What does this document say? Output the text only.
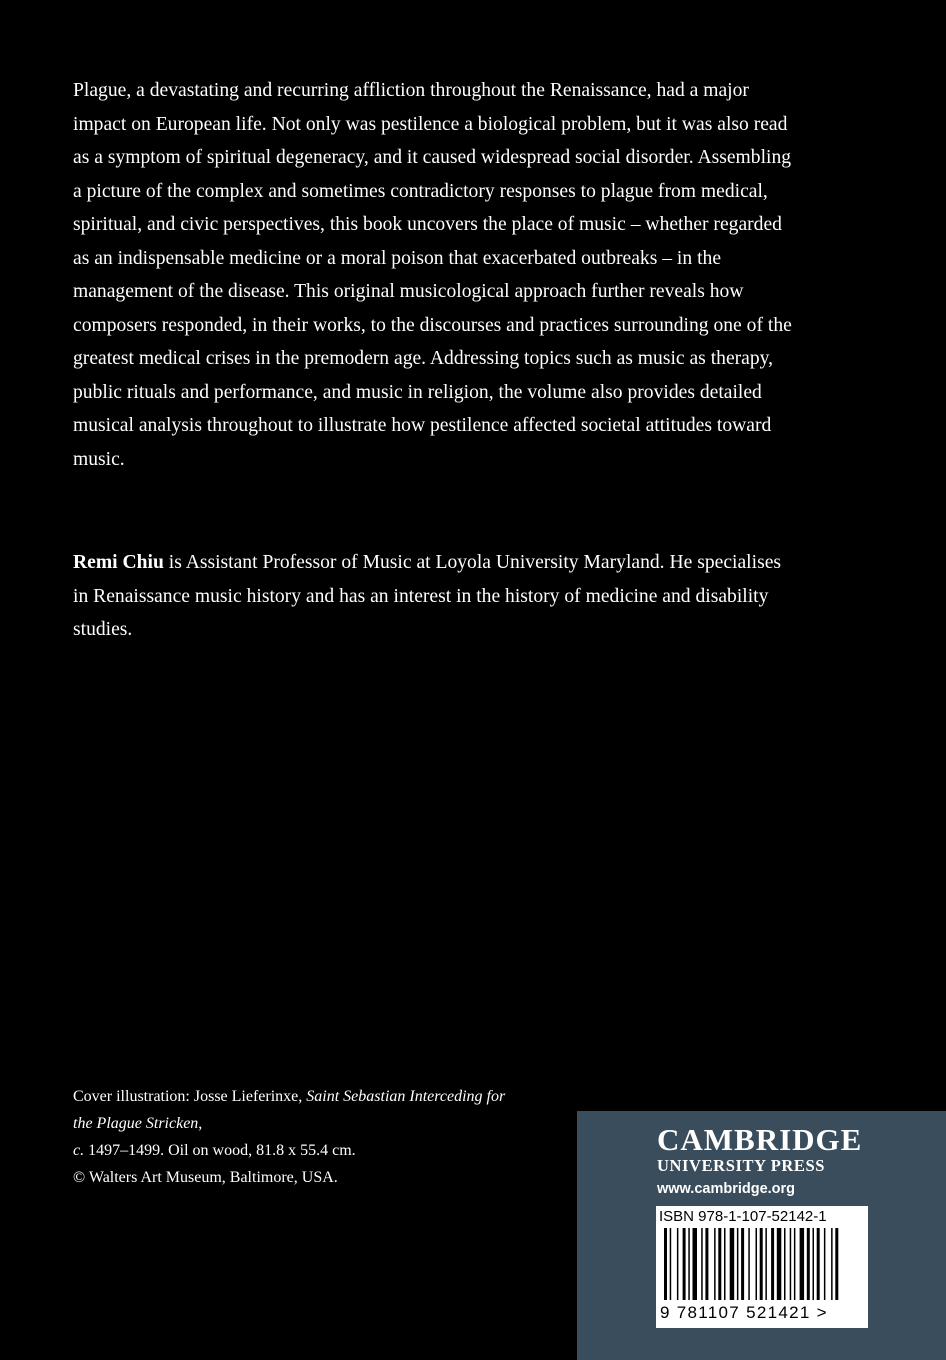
Plague, a devastating and recurring affliction throughout the Renaissance, had a major impact on European life. Not only was pestilence a biological problem, but it was also read as a symptom of spiritual degeneracy, and it caused widespread social disorder. Assembling a picture of the complex and sometimes contradictory responses to plague from medical, spiritual, and civic perspectives, this book uncovers the place of music – whether regarded as an indispensable medicine or a moral poison that exacerbated outbreaks – in the management of the disease. This original musicological approach further reveals how composers responded, in their works, to the discourses and practices surrounding one of the greatest medical crises in the premodern age. Addressing topics such as music as therapy, public rituals and performance, and music in religion, the volume also provides detailed musical analysis throughout to illustrate how pestilence affected societal attitudes toward music.

Remi Chiu is Assistant Professor of Music at Loyola University Maryland. He specialises in Renaissance music history and has an interest in the history of medicine and disability studies.

Cover illustration: Josse Lieferinxe, Saint Sebastian Interceding for the Plague Stricken,
c. 1497–1499. Oil on wood, 81.8 x 55.4 cm.
© Walters Art Museum, Baltimore, USA.

CAMBRIDGE
UNIVERSITY PRESS
www.cambridge.org
ISBN 978-1-107-52142-1
9 781107 521421 >
